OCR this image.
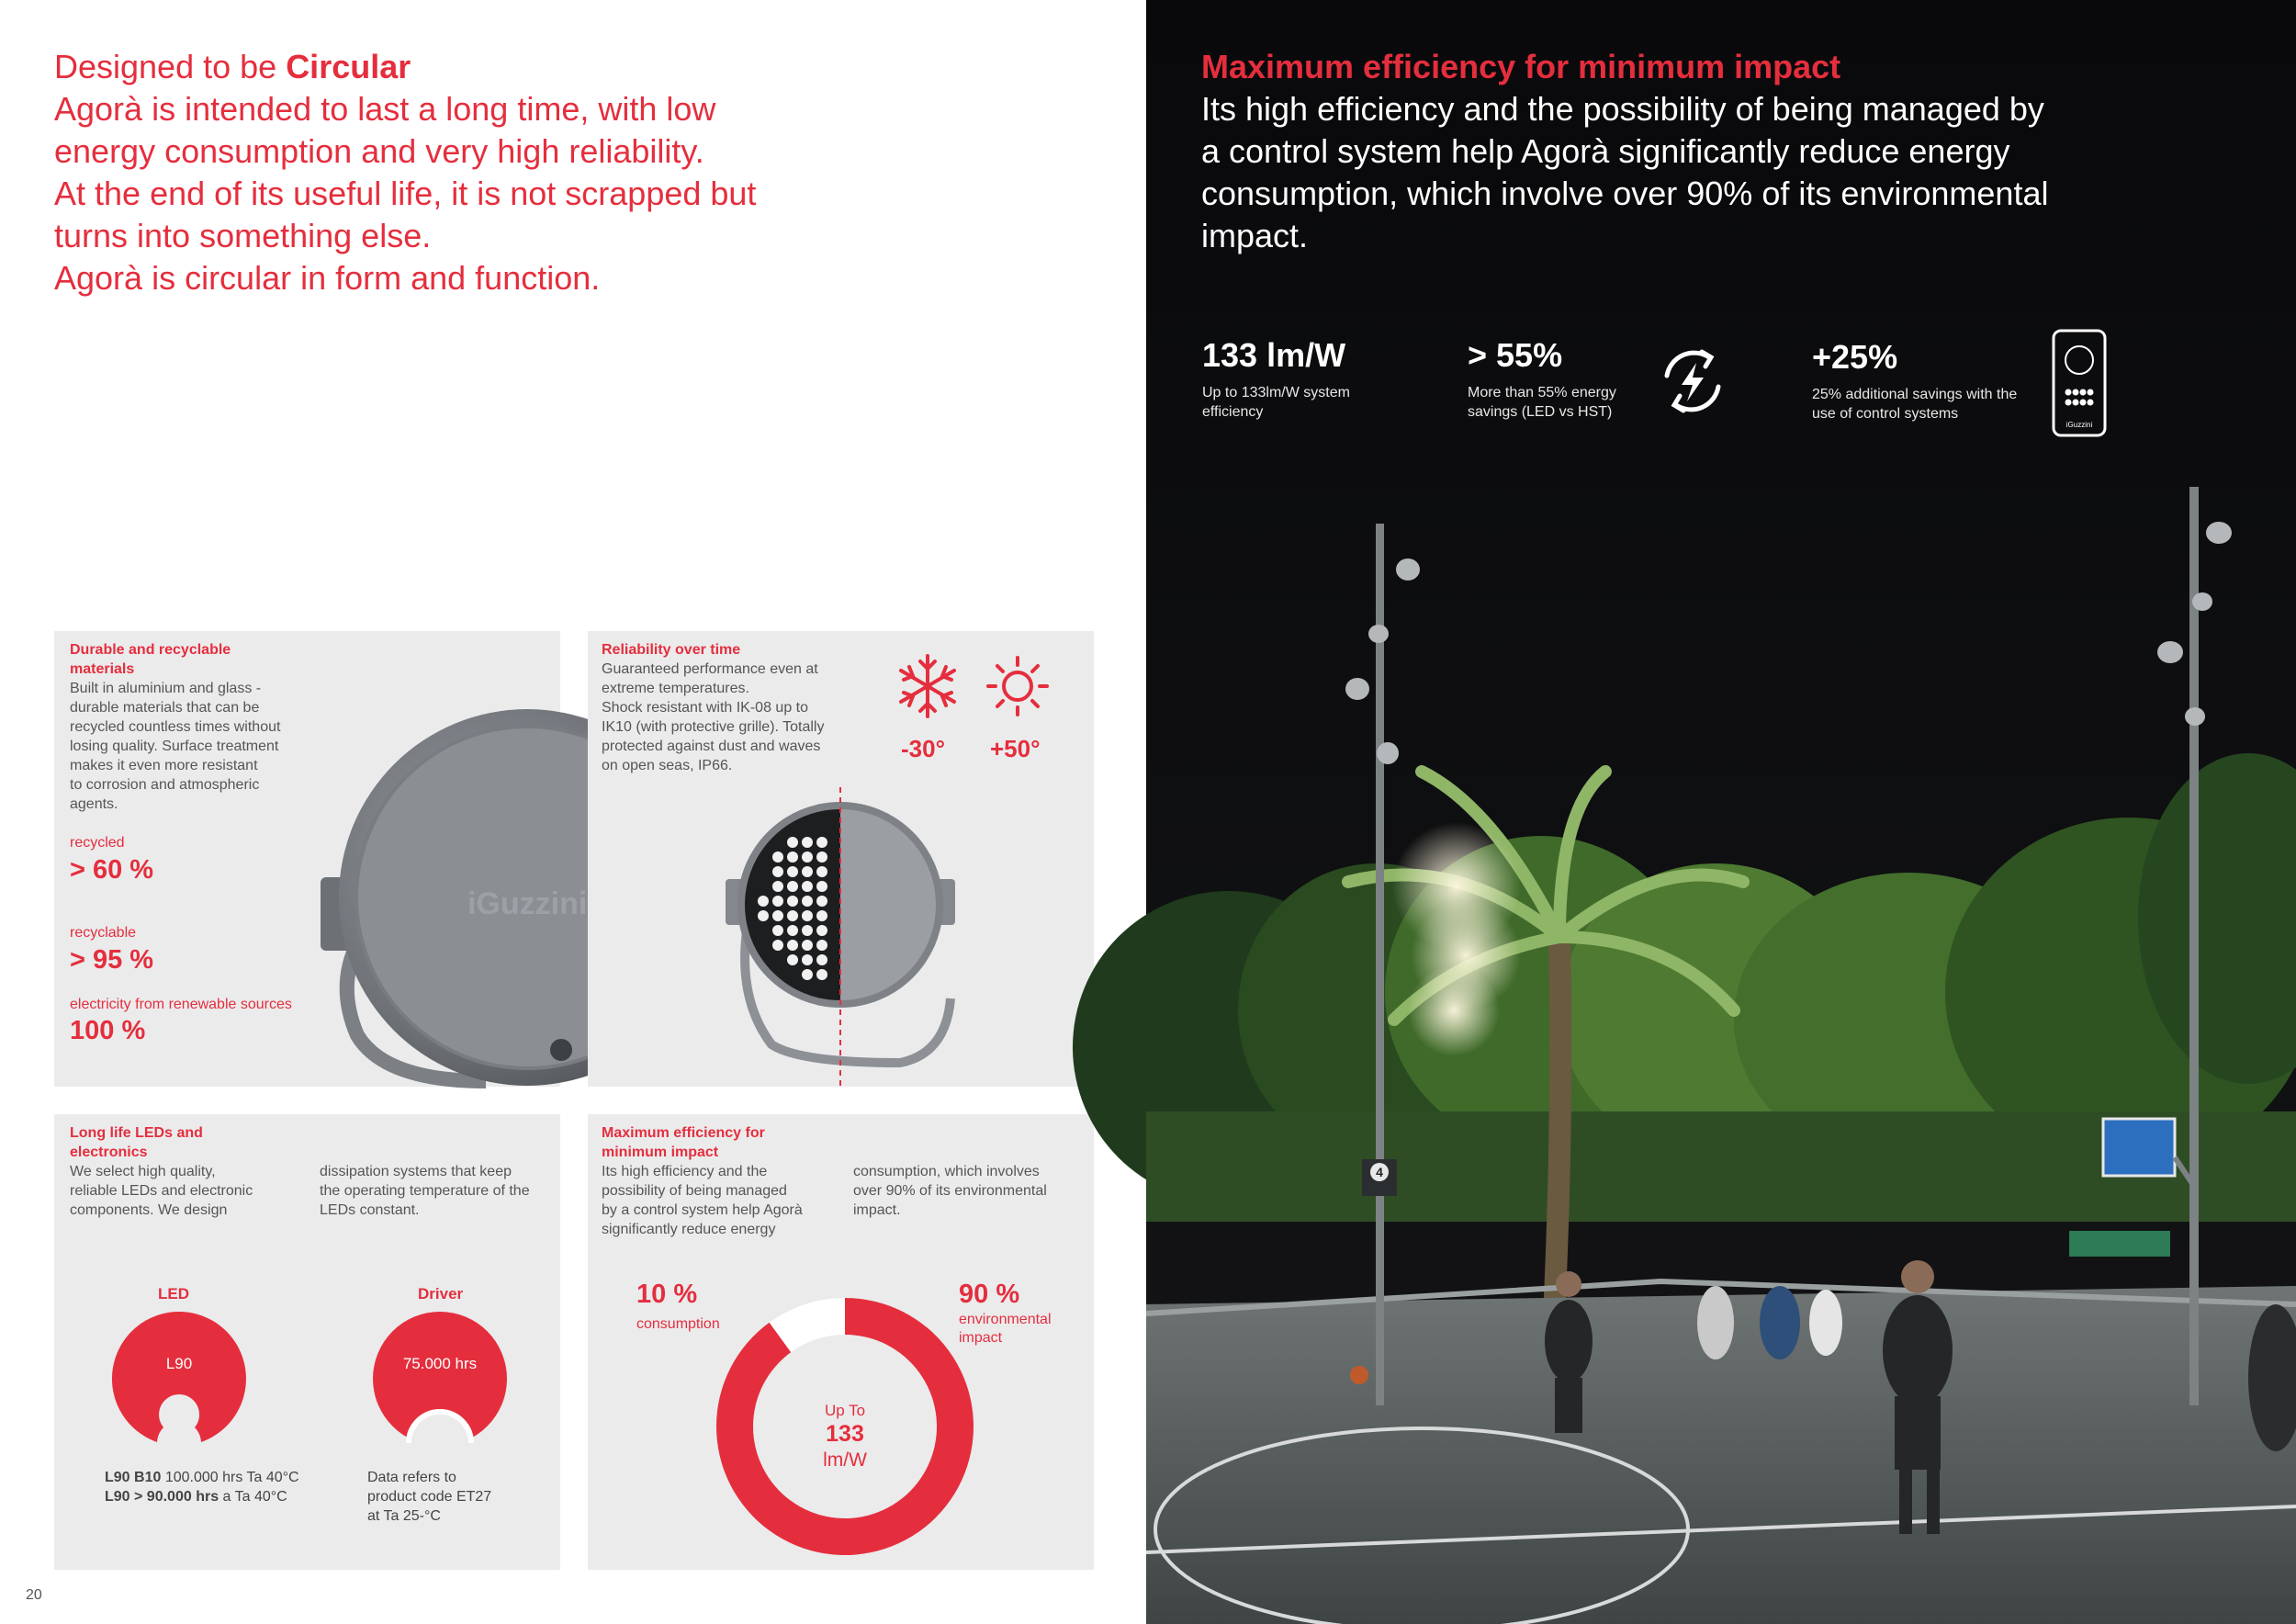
Designed to be Circular

Agorà is intended to last a long time, with low

energy consumption and very high reliability.

At the end of its useful life, it is not scrapped but

turns into something else.

Agorà is circular in form and function.

Durable and recyclable
materials
Built in aluminium and glass -
durable materials that can be
recycled countless times without
losing quality. Surface treatment
makes it even more resistant
to corrosion and atmospheric
agents.
recycled
> 60 %
recyclable
> 95 %
electricity from renewable sources
100 %
iGuzzini
Reliability over time
Guaranteed performance even at
extreme temperatures.
Shock resistant with IK-08 up to
IK10 (with protective grille). Totally
protected against dust and waves
on open seas, IP66.
-30° +50°
Long life LEDs and
electronics
We select high quality,
reliable LEDs and electronic
components. We design
dissipation systems that keep
the operating temperature of the
LEDs constant.
LED	Driver
L90	75.000 hrs
L90 B10 100.000 hrs Ta 40°C
L90 > 90.000 hrs a Ta 40°C
Data refers to
product code ET27
at Ta 25-°C
Maximum efficiency for
minimum impact
Its high efficiency and the
possibility of being managed
by a control system help Agorà
significantly reduce energy
consumption, which involves
over 90% of its environmental
impact.
10 %
consumption
90 %
environmental
impact
Up To
133
lm/W
20
4
Maximum efficiency for minimum impact
Its high efficiency and the possibility of being managed by
a control system help Agorà significantly reduce energy
consumption, which involve over 90% of its environmental
impact.
133 lm/W
Up to 133lm/W system
efficiency
> 55%
More than 55% energy
savings (LED vs HST)
+25%
25% additional savings with the
use of control systems
iGuzzini
